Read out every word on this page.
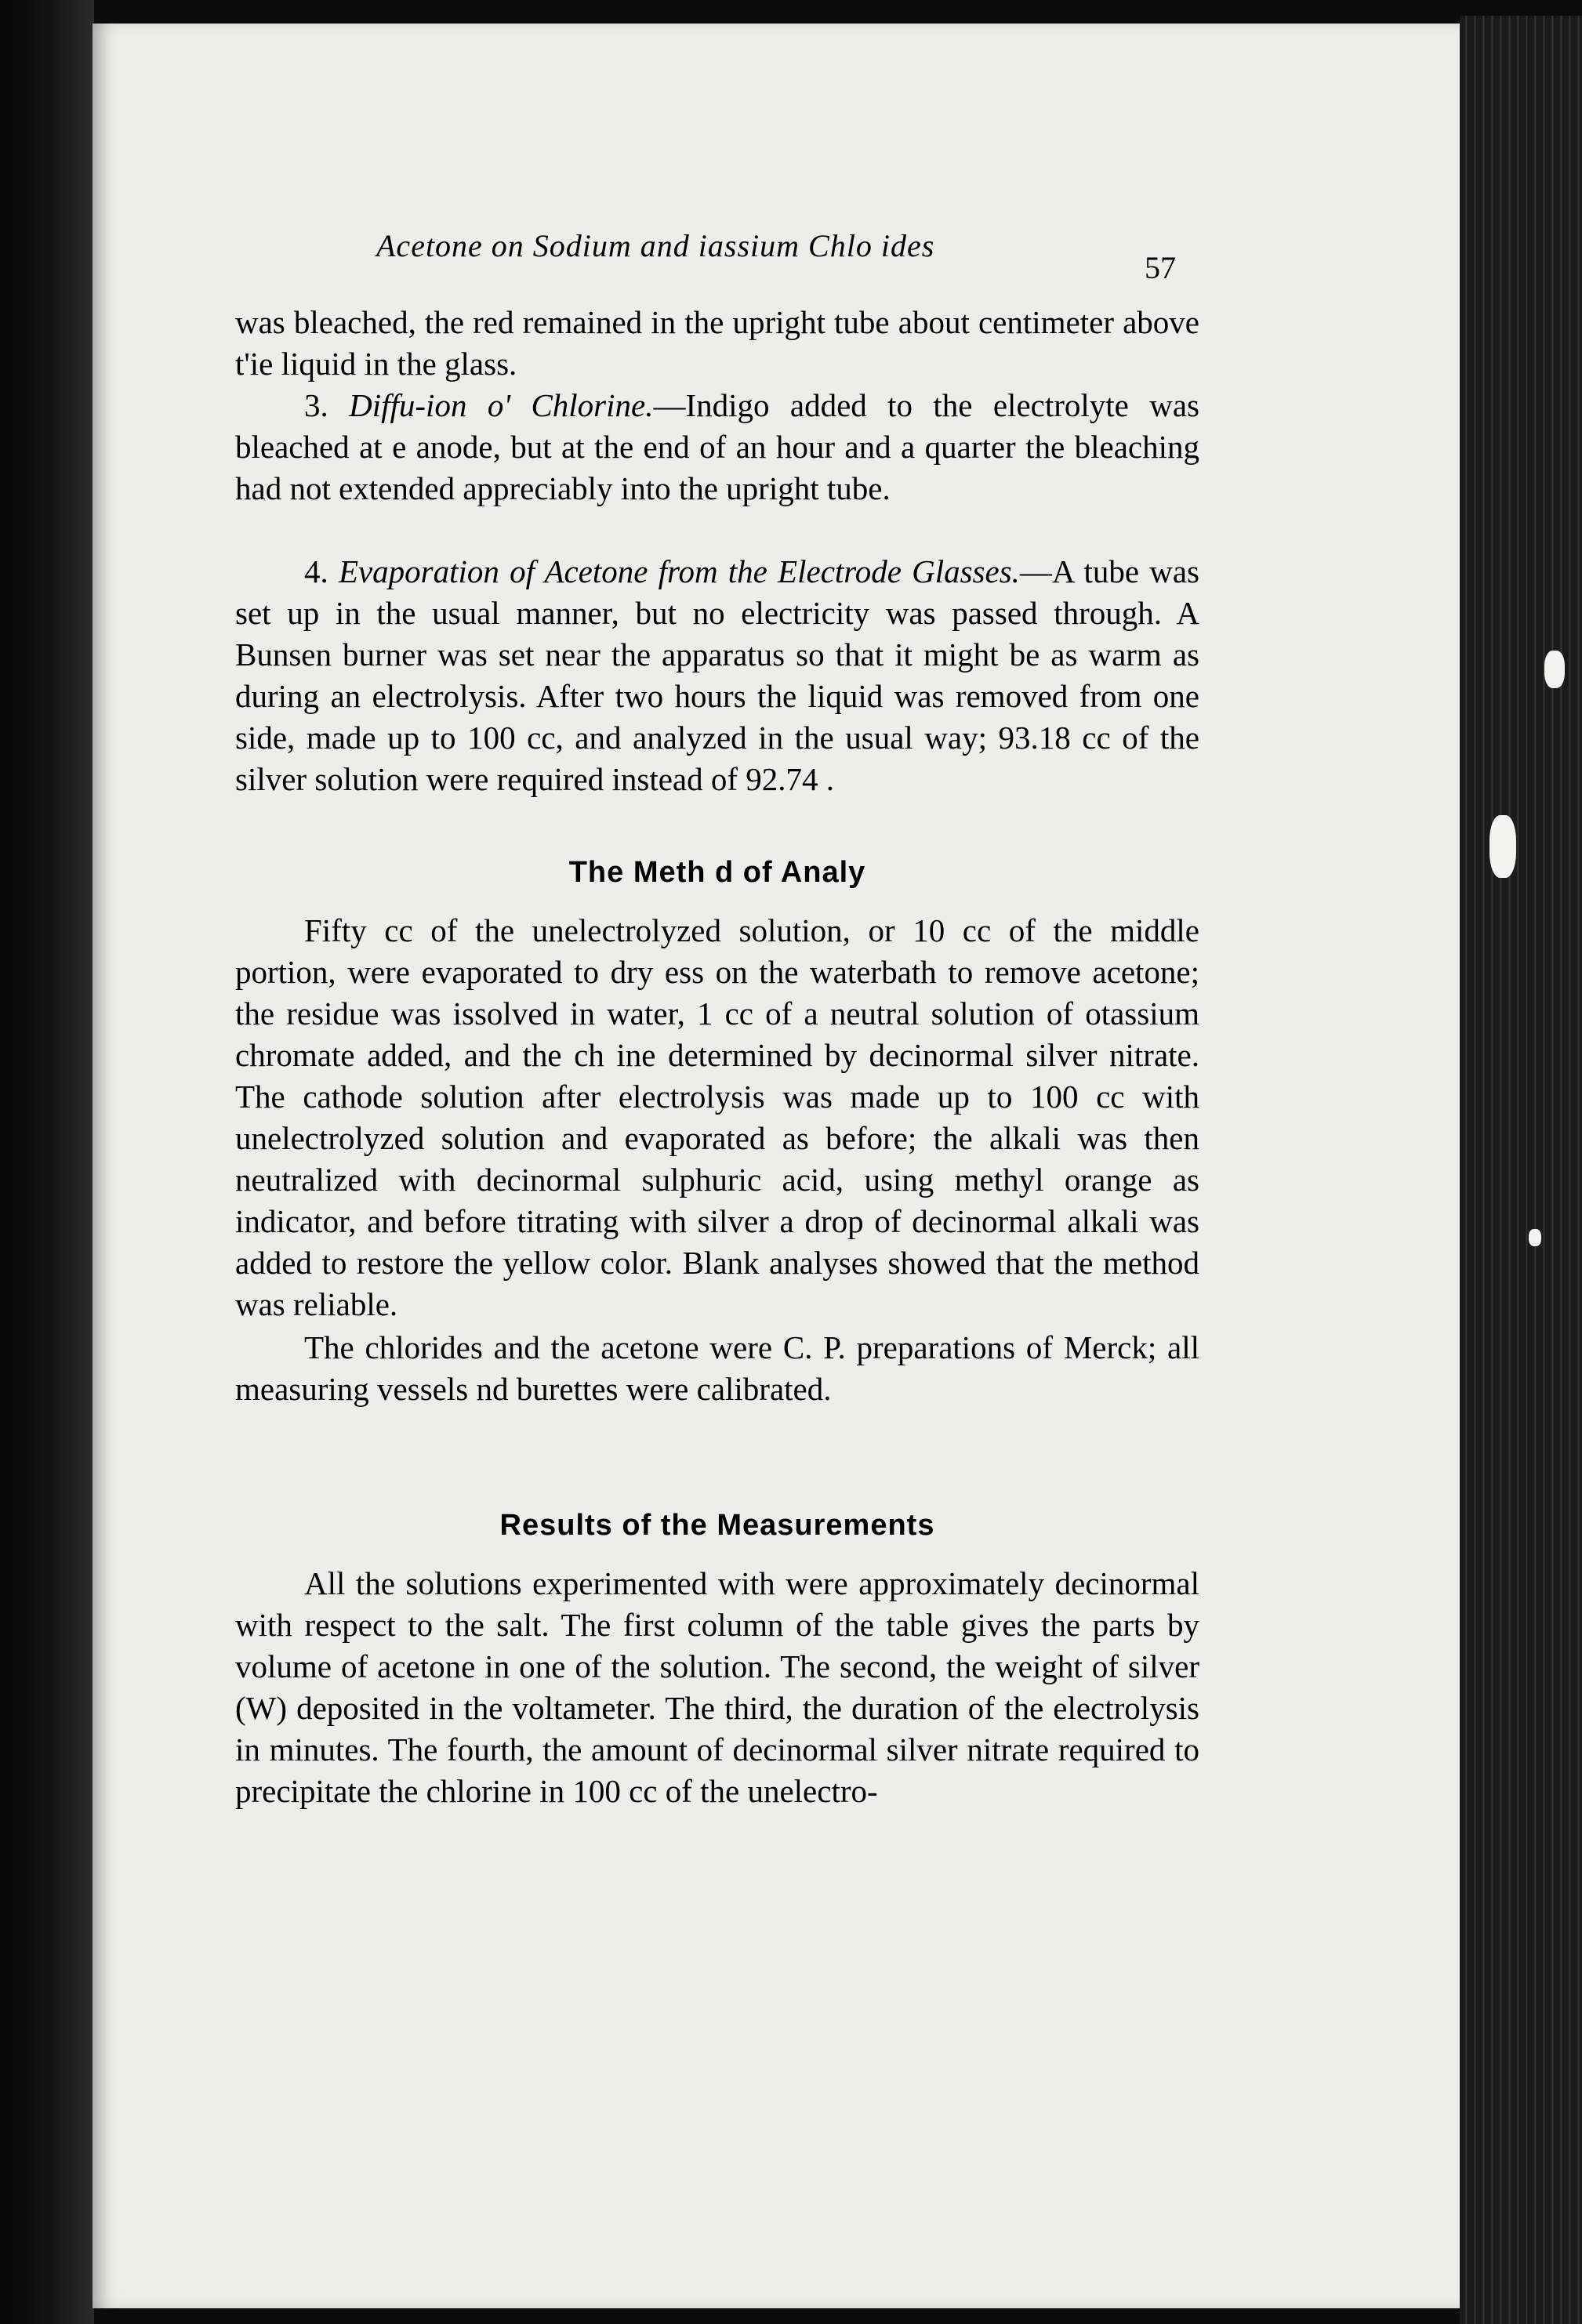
Acetone on Sodium and iassium Chlo ides
57

was bleached, the red remained in the upright tube about centimeter above t'ie liquid in the glass.

3. Diffu-ion o' Chlorine.—Indigo added to the electrolyte was bleached at e anode, but at the end of an hour and a quarter the bleaching had not extended appreciably into the upright tube.

4. Evaporation of Acetone from the Electrode Glasses.—A tube was set up in the usual manner, but no electricity was passed through. A Bunsen burner was set near the apparatus so that it might be as warm as during an electrolysis. After two hours the liquid was removed from one side, made up to 100 cc, and analyzed in the usual way; 93.18 cc of the silver solution were required instead of 92.74 .

The Meth d of Analy

Fifty cc of the unelectrolyzed solution, or 10 cc of the middle portion, were evaporated to dry ess on the waterbath to remove acetone; the residue was issolved in water, 1 cc of a neutral solution of otassium chromate added, and the ch ine determined by decinormal silver nitrate. The cathode solution after electrolysis was made up to 100 cc with unelectrolyzed solution and evaporated as before; the alkali was then neutralized with decinormal sulphuric acid, using methyl orange as indicator, and before titrating with silver a drop of decinormal alkali was added to restore the yellow color. Blank analyses showed that the method was reliable.

The chlorides and the acetone were C. P. preparations of Merck; all measuring vessels nd burettes were calibrated.

Results of the Measurements

All the solutions experimented with were approximately decinormal with respect to the salt. The first column of the table gives the parts by volume of acetone in one of the solution. The second, the weight of silver (W) deposited in the voltameter. The third, the duration of the electrolysis in minutes. The fourth, the amount of decinormal silver nitrate required to precipitate the chlorine in 100 cc of the unelectro-
